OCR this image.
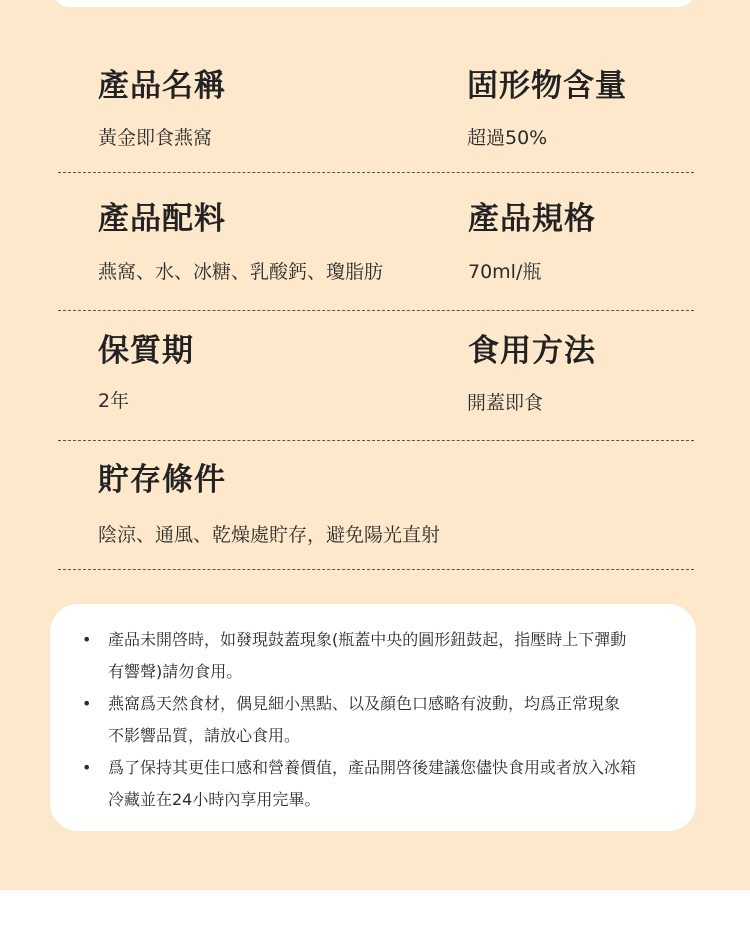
產品名稱
黃金即食燕窩
固形物含量
超過50%
產品配料
燕窩、水、冰糖、乳酸鈣、瓊脂肪
產品規格
70ml/瓶
保質期
2年
食用方法
開蓋即食
貯存條件
陰涼、通風、乾燥處貯存，避免陽光直射
• 產品未開啓時，如發現鼓蓋現象(瓶蓋中央的圓形鈕鼓起，指壓時上下彈動
有響聲)請勿食用。
• 燕窩爲天然食材，偶見細小黑點、以及顔色口感略有波動，均爲正常現象
不影響品質，請放心食用。
• 爲了保持其更佳口感和營養價值，產品開啓後建議您儘快食用或者放入冰箱
冷藏並在24小時內享用完畢。
